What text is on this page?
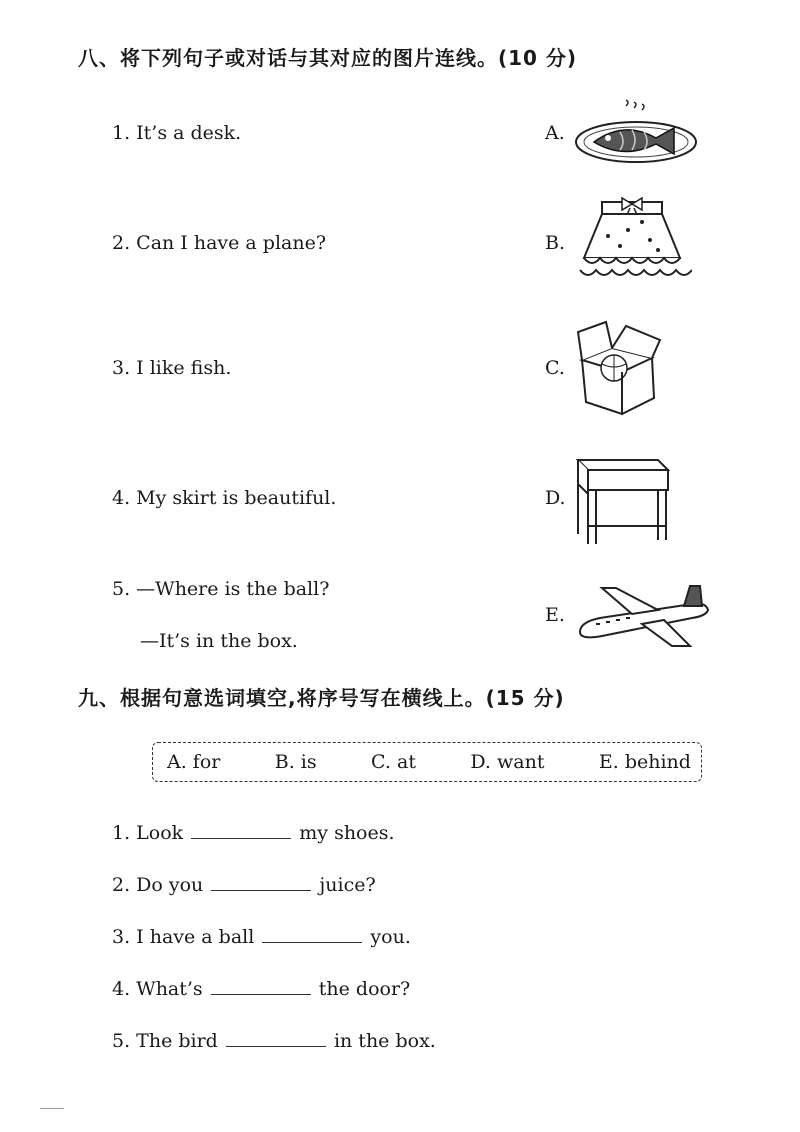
八、将下列句子或对话与其对应的图片连线。(10 分)
1. It’s a desk.
2. Can I have a plane?
3. I like fish.
4. My skirt is beautiful.
5. —Where is the ball?
—It’s in the box.
A.
B.
C.
D.
E.
九、根据句意选词填空,将序号写在横线上。(15 分)
A. for	B. is	C. at	D. want	E. behind
1. Look	my shoes.
2. Do you	juice?
3. I have a ball	you.
4. What’s	the door?
5. The bird	in the box.
